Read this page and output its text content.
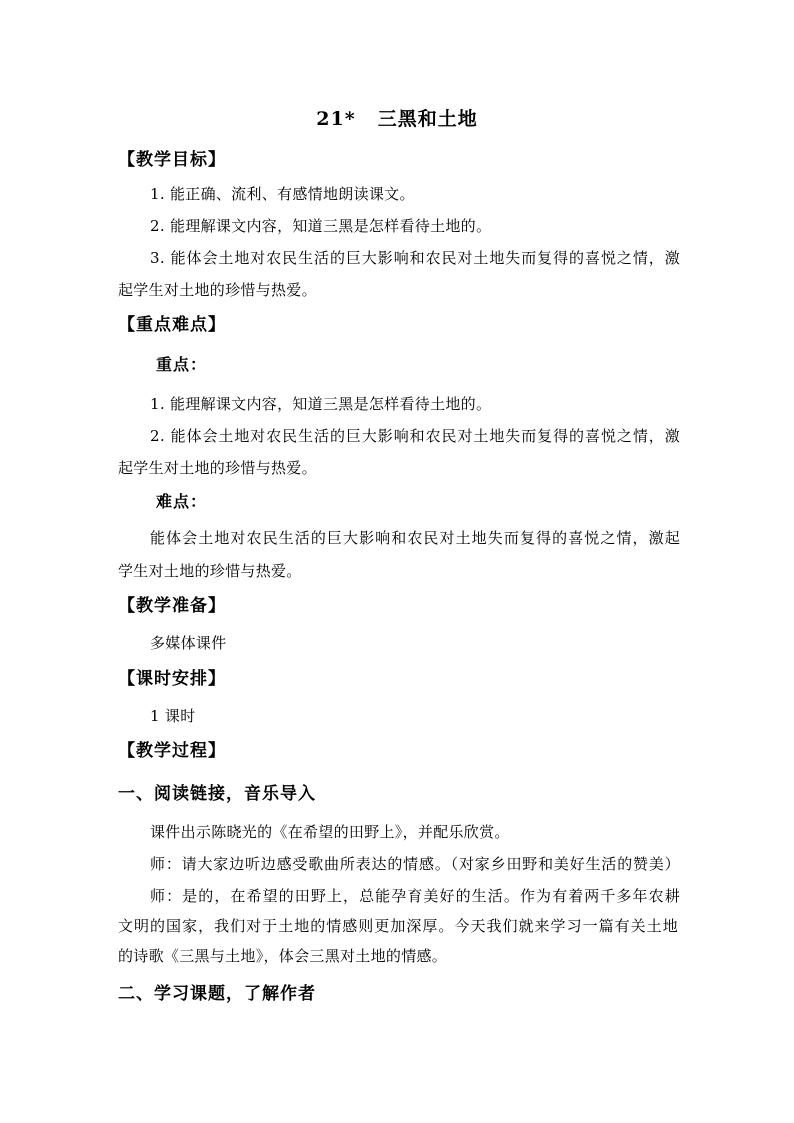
21* 三黑和土地
【教学目标】
1. 能正确、流利、有感情地朗读课文。
2. 能理解课文内容，知道三黑是怎样看待土地的。
3. 能体会土地对农民生活的巨大影响和农民对土地失而复得的喜悦之情，激
起学生对土地的珍惜与热爱。
【重点难点】
重点：
1. 能理解课文内容，知道三黑是怎样看待土地的。
2. 能体会土地对农民生活的巨大影响和农民对土地失而复得的喜悦之情，激
起学生对土地的珍惜与热爱。
难点：
能体会土地对农民生活的巨大影响和农民对土地失而复得的喜悦之情，激起
学生对土地的珍惜与热爱。
【教学准备】
多媒体课件
【课时安排】
1 课时
【教学过程】
一、阅读链接，音乐导入
课件出示陈晓光的《在希望的田野上》，并配乐欣赏。
师：请大家边听边感受歌曲所表达的情感。（对家乡田野和美好生活的赞美）
师：是的，在希望的田野上，总能孕育美好的生活。作为有着两千多年农耕
文明的国家，我们对于土地的情感则更加深厚。今天我们就来学习一篇有关土地
的诗歌《三黑与土地》，体会三黑对土地的情感。
二、学习课题，了解作者
